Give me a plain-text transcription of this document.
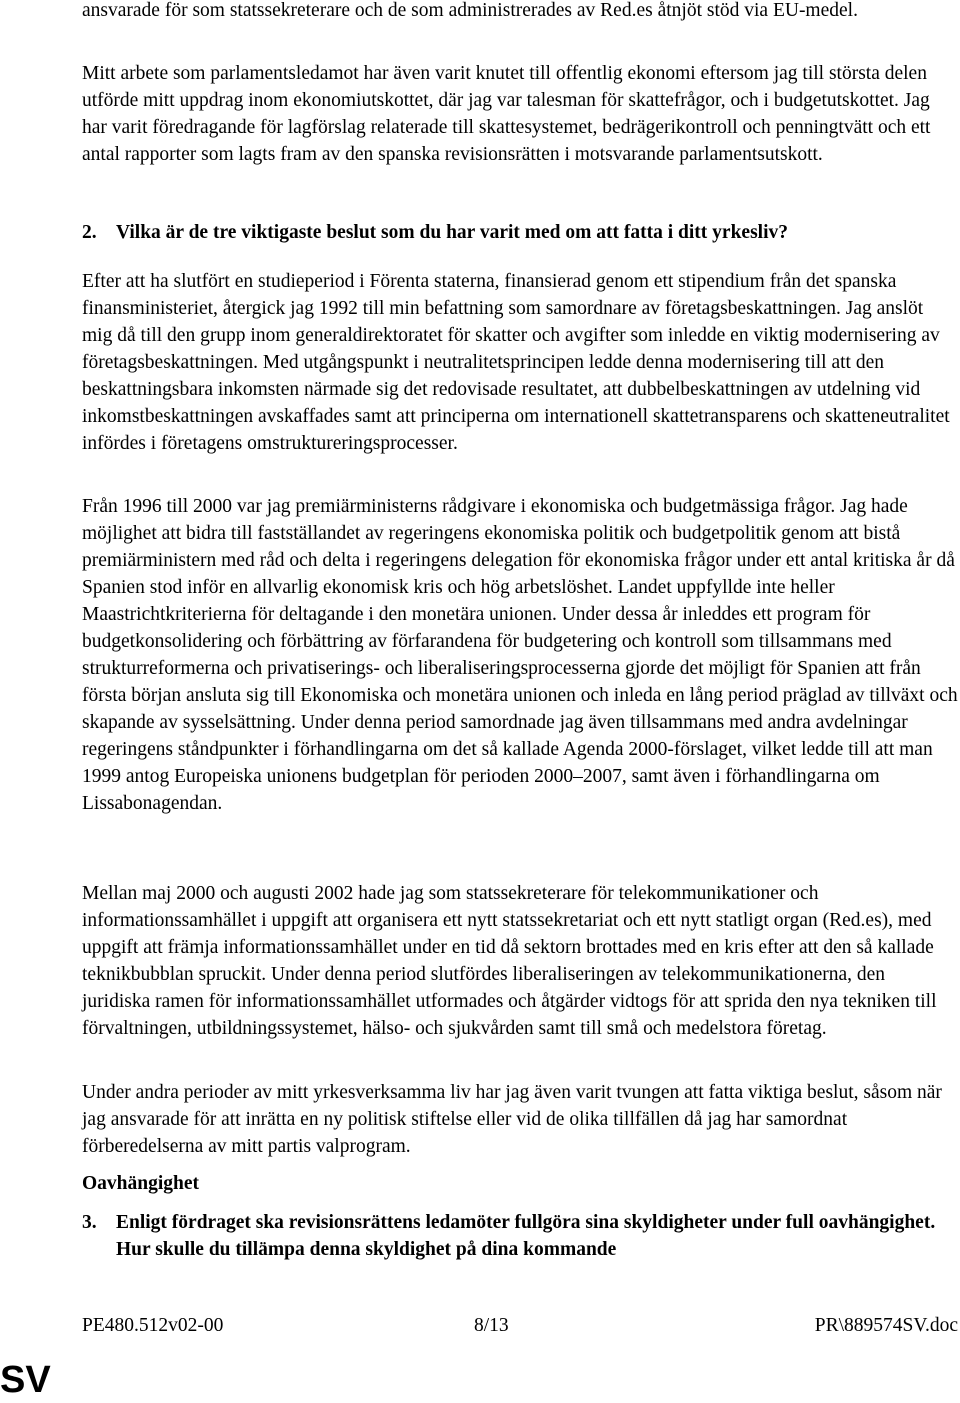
ansvarade för som statssekreterare och de som administrerades av Red.es åtnjöt stöd via EU-medel.

Mitt arbete som parlamentsledamot har även varit knutet till offentlig ekonomi eftersom jag till största delen utförde mitt uppdrag inom ekonomiutskottet, där jag var talesman för skattefrågor, och i budgetutskottet. Jag har varit föredragande för lagförslag relaterade till skattesystemet, bedrägerikontroll och penningtvätt och ett antal rapporter som lagts fram av den spanska revisionsrätten i motsvarande parlamentsutskott.

2. Vilka är de tre viktigaste beslut som du har varit med om att fatta i ditt yrkesliv?

Efter att ha slutfört en studieperiod i Förenta staterna, finansierad genom ett stipendium från det spanska finansministeriet, återgick jag 1992 till min befattning som samordnare av företagsbeskattningen. Jag anslöt mig då till den grupp inom generaldirektoratet för skatter och avgifter som inledde en viktig modernisering av företagsbeskattningen. Med utgångspunkt i neutralitetsprincipen ledde denna modernisering till att den beskattningsbara inkomsten närmade sig det redovisade resultatet, att dubbelbeskattningen av utdelning vid inkomstbeskattningen avskaffades samt att principerna om internationell skattetransparens och skatteneutralitet infördes i företagens omstruktureringsprocesser.

Från 1996 till 2000 var jag premiärministerns rådgivare i ekonomiska och budgetmässiga frågor. Jag hade möjlighet att bidra till fastställandet av regeringens ekonomiska politik och budgetpolitik genom att bistå premiärministern med råd och delta i regeringens delegation för ekonomiska frågor under ett antal kritiska år då Spanien stod inför en allvarlig ekonomisk kris och hög arbetslöshet. Landet uppfyllde inte heller Maastrichtkriterierna för deltagande i den monetära unionen. Under dessa år inleddes ett program för budgetkonsolidering och förbättring av förfarandena för budgetering och kontroll som tillsammans med strukturreformerna och privatiserings- och liberaliseringsprocesserna gjorde det möjligt för Spanien att från första början ansluta sig till Ekonomiska och monetära unionen och inleda en lång period präglad av tillväxt och skapande av sysselsättning. Under denna period samordnade jag även tillsammans med andra avdelningar regeringens ståndpunkter i förhandlingarna om det så kallade Agenda 2000-förslaget, vilket ledde till att man 1999 antog Europeiska unionens budgetplan för perioden 2000–2007, samt även i förhandlingarna om Lissabonagendan.

Mellan maj 2000 och augusti 2002 hade jag som statssekreterare för telekommunikationer och informationssamhället i uppgift att organisera ett nytt statssekretariat och ett nytt statligt organ (Red.es), med uppgift att främja informationssamhället under en tid då sektorn brottades med en kris efter att den så kallade teknikbubblan spruckit. Under denna period slutfördes liberaliseringen av telekommunikationerna, den juridiska ramen för informationssamhället utformades och åtgärder vidtogs för att sprida den nya tekniken till förvaltningen, utbildningssystemet, hälso- och sjukvården samt till små och medelstora företag.

Under andra perioder av mitt yrkesverksamma liv har jag även varit tvungen att fatta viktiga beslut, såsom när jag ansvarade för att inrätta en ny politisk stiftelse eller vid de olika tillfällen då jag har samordnat förberedelserna av mitt partis valprogram.

Oavhängighet
3. Enligt fördraget ska revisionsrättens ledamöter fullgöra sina skyldigheter under full oavhängighet. Hur skulle du tillämpa denna skyldighet på dina kommande
PE480.512v02-00	8/13	PR\889574SV.doc
SV
